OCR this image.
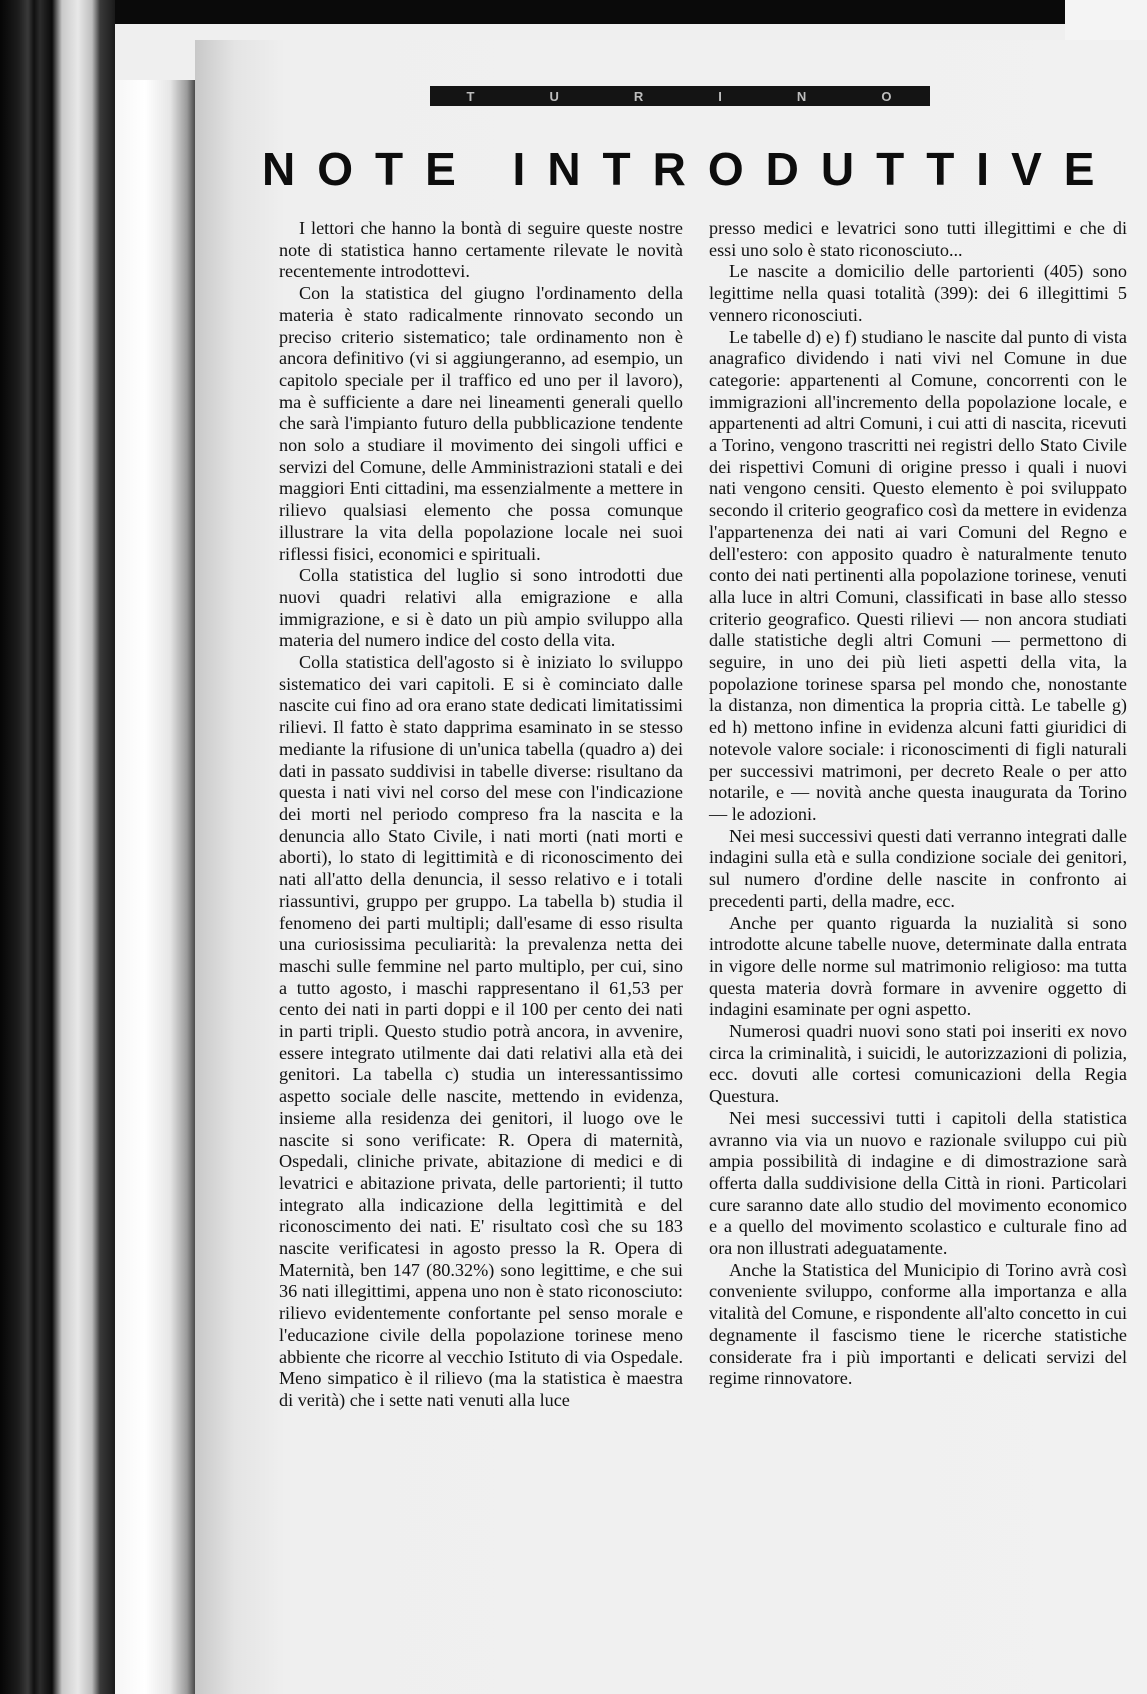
T	U	R	I	N	O
NOTE INTRODUTTIVE

I lettori che hanno la bontà di seguire queste nostre note di statistica hanno certamente rilevate le novità recentemente introdottevi.

Con la statistica del giugno l'ordinamento della materia è stato radicalmente rinnovato secondo un preciso criterio sistematico; tale ordinamento non è ancora definitivo (vi si aggiungeranno, ad esempio, un capitolo speciale per il traffico ed uno per il lavoro), ma è sufficiente a dare nei lineamenti generali quello che sarà l'impianto futuro della pubblicazione tendente non solo a studiare il movimento dei singoli uffici e servizi del Comune, delle Amministrazioni statali e dei maggiori Enti cittadini, ma essenzialmente a mettere in rilievo qualsiasi elemento che possa comunque illustrare la vita della popolazione locale nei suoi riflessi fisici, economici e spirituali.

Colla statistica del luglio si sono introdotti due nuovi quadri relativi alla emigrazione e alla immigrazione, e si è dato un più ampio sviluppo alla materia del numero indice del costo della vita.

Colla statistica dell'agosto si è iniziato lo sviluppo sistematico dei vari capitoli. E si è cominciato dalle nascite cui fino ad ora erano state dedicati limitatissimi rilievi. Il fatto è stato dapprima esaminato in se stesso mediante la rifusione di un'unica tabella (quadro a) dei dati in passato suddivisi in tabelle diverse: risultano da questa i nati vivi nel corso del mese con l'indicazione dei morti nel periodo compreso fra la nascita e la denuncia allo Stato Civile, i nati morti (nati morti e aborti), lo stato di legittimità e di riconoscimento dei nati all'atto della denuncia, il sesso relativo e i totali riassuntivi, gruppo per gruppo. La tabella b) studia il fenomeno dei parti multipli; dall'esame di esso risulta una curiosissima peculiarità: la prevalenza netta dei maschi sulle femmine nel parto multiplo, per cui, sino a tutto agosto, i maschi rappresentano il 61,53 per cento dei nati in parti doppi e il 100 per cento dei nati in parti tripli. Questo studio potrà ancora, in avvenire, essere integrato utilmente dai dati relativi alla età dei genitori. La tabella c) studia un interessantissimo aspetto sociale delle nascite, mettendo in evidenza, insieme alla residenza dei genitori, il luogo ove le nascite si sono verificate: R. Opera di maternità, Ospedali, cliniche private, abitazione di medici e di levatrici e abitazione privata, delle partorienti; il tutto integrato alla indicazione della legittimità e del riconoscimento dei nati. E' risultato così che su 183 nascite verificatesi in agosto presso la R. Opera di Maternità, ben 147 (80.32%) sono legittime, e che sui 36 nati illegittimi, appena uno non è stato riconosciuto: rilievo evidentemente confortante pel senso morale e l'educazione civile della popolazione torinese meno abbiente che ricorre al vecchio Istituto di via Ospedale. Meno simpatico è il rilievo (ma la statistica è maestra di verità) che i sette nati venuti alla luce

presso medici e levatrici sono tutti illegittimi e che di essi uno solo è stato riconosciuto...

Le nascite a domicilio delle partorienti (405) sono legittime nella quasi totalità (399): dei 6 illegittimi 5 vennero riconosciuti.

Le tabelle d) e) f) studiano le nascite dal punto di vista anagrafico dividendo i nati vivi nel Comune in due categorie: appartenenti al Comune, concorrenti con le immigrazioni all'incremento della popolazione locale, e appartenenti ad altri Comuni, i cui atti di nascita, ricevuti a Torino, vengono trascritti nei registri dello Stato Civile dei rispettivi Comuni di origine presso i quali i nuovi nati vengono censiti. Questo elemento è poi sviluppato secondo il criterio geografico così da mettere in evidenza l'appartenenza dei nati ai vari Comuni del Regno e dell'estero: con apposito quadro è naturalmente tenuto conto dei nati pertinenti alla popolazione torinese, venuti alla luce in altri Comuni, classificati in base allo stesso criterio geografico. Questi rilievi — non ancora studiati dalle statistiche degli altri Comuni — permettono di seguire, in uno dei più lieti aspetti della vita, la popolazione torinese sparsa pel mondo che, nonostante la distanza, non dimentica la propria città. Le tabelle g) ed h) mettono infine in evidenza alcuni fatti giuridici di notevole valore sociale: i riconoscimenti di figli naturali per successivi matrimoni, per decreto Reale o per atto notarile, e — novità anche questa inaugurata da Torino — le adozioni.

Nei mesi successivi questi dati verranno integrati dalle indagini sulla età e sulla condizione sociale dei genitori, sul numero d'ordine delle nascite in confronto ai precedenti parti, della madre, ecc.

Anche per quanto riguarda la nuzialità si sono introdotte alcune tabelle nuove, determinate dalla entrata in vigore delle norme sul matrimonio religioso: ma tutta questa materia dovrà formare in avvenire oggetto di indagini esaminate per ogni aspetto.

Numerosi quadri nuovi sono stati poi inseriti ex novo circa la criminalità, i suicidi, le autorizzazioni di polizia, ecc. dovuti alle cortesi comunicazioni della Regia Questura.

Nei mesi successivi tutti i capitoli della statistica avranno via via un nuovo e razionale sviluppo cui più ampia possibilità di indagine e di dimostrazione sarà offerta dalla suddivisione della Città in rioni. Particolari cure saranno date allo studio del movimento economico e a quello del movimento scolastico e culturale fino ad ora non illustrati adeguatamente.

Anche la Statistica del Municipio di Torino avrà così conveniente sviluppo, conforme alla importanza e alla vitalità del Comune, e rispondente all'alto concetto in cui degnamente il fascismo tiene le ricerche statistiche considerate fra i più importanti e delicati servizi del regime rinnovatore.
